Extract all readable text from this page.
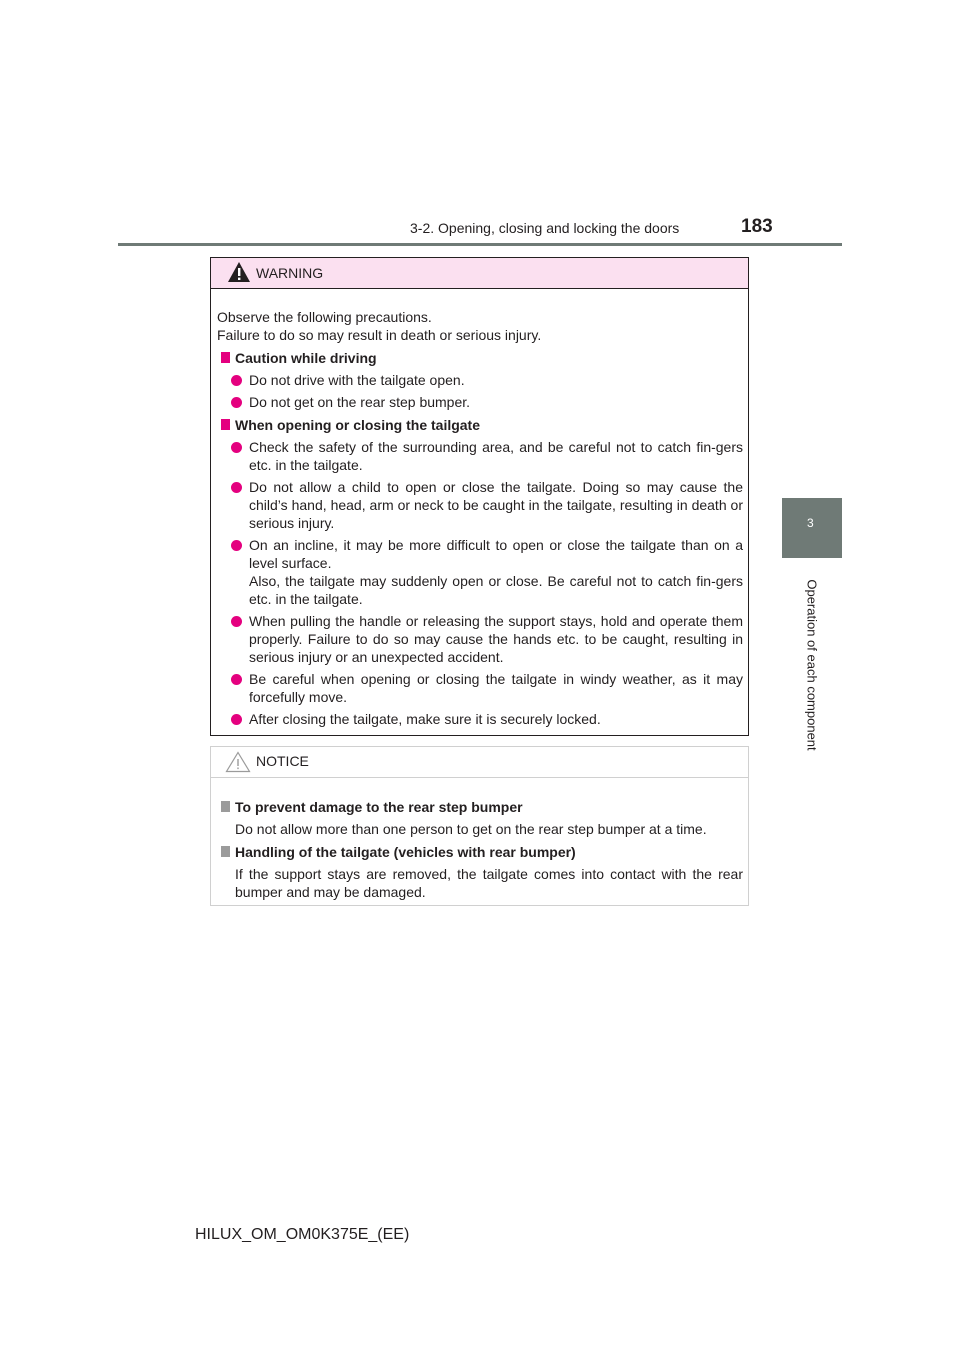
3-2. Opening, closing and locking the doors	183
3
Operation of each component
WARNING
Observe the following precautions.
Failure to do so may result in death or serious injury.
Caution while driving

Do not drive with the tailgate open.

Do not get on the rear step bumper.

When opening or closing the tailgate

Check the safety of the surrounding area, and be careful not to catch fin-gers etc. in the tailgate.

Do not allow a child to open or close the tailgate. Doing so may cause the child’s hand, head, arm or neck to be caught in the tailgate, resulting in death or serious injury.

On an incline, it may be more difficult to open or close the tailgate than on a level surface.

Also, the tailgate may suddenly open or close. Be careful not to catch fin-gers etc. in the tailgate.

When pulling the handle or releasing the support stays, hold and operate them properly. Failure to do so may cause the hands etc. to be caught, resulting in serious injury or an unexpected accident.

Be careful when opening or closing the tailgate in windy weather, as it may forcefully move.

After closing the tailgate, make sure it is securely locked.

NOTICE
To prevent damage to the rear step bumper
Do not allow more than one person to get on the rear step bumper at a time.
Handling of the tailgate (vehicles with rear bumper)
If the support stays are removed, the tailgate comes into contact with the rear bumper and may be damaged.
HILUX_OM_OM0K375E_(EE)
